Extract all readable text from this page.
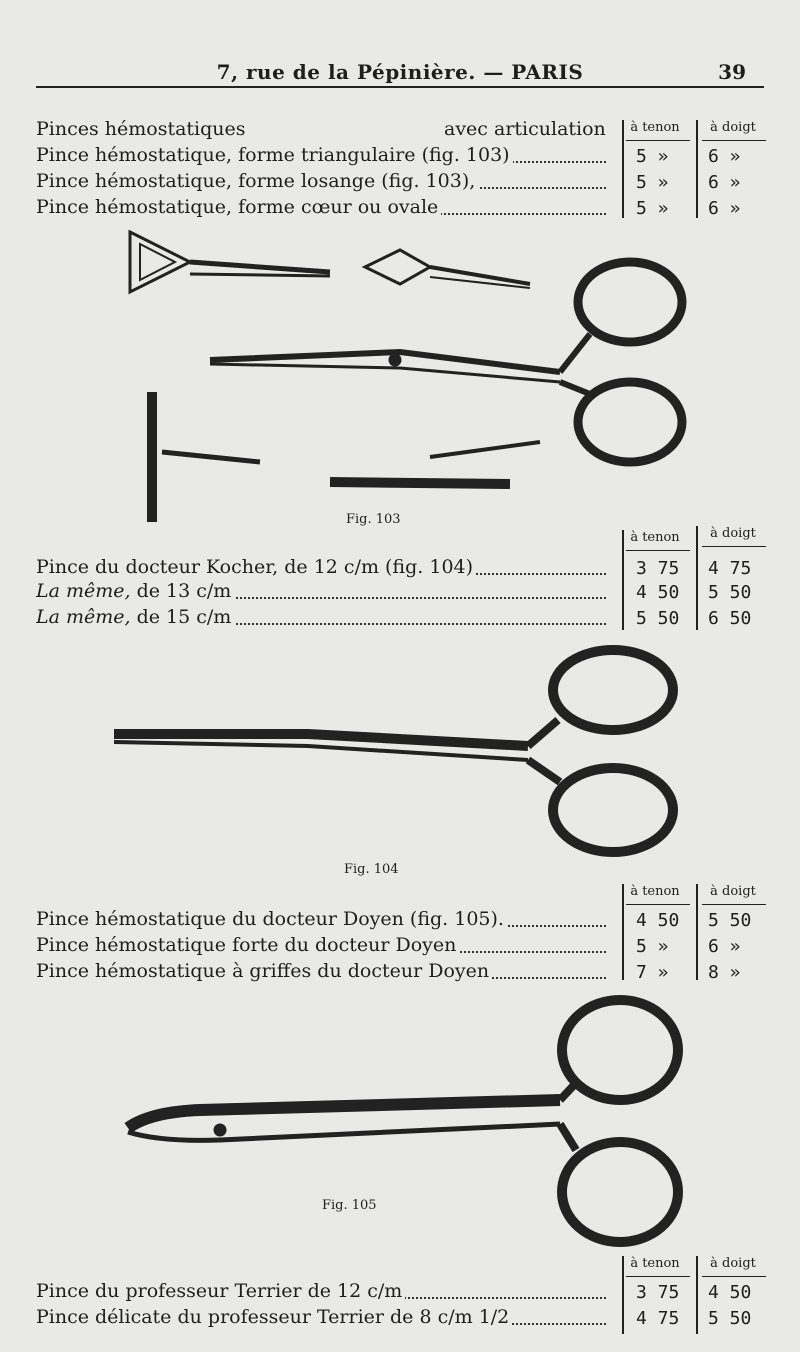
7, rue de la Pépinière. — PARIS	39
Pinces hémostatiques	avec articulation	à tenon	à doigt
Pince hémostatique, forme triangulaire (fig. 103)	5 »	6 »
Pince hémostatique, forme losange (fig. 103),	5 »	6 »
Pince hémostatique, forme cœur ou ovale	5 »	6 »
Fig. 103
à tenon	à doigt
Pince du docteur Kocher, de 12 c/m (fig. 104)	3 75	4 75
La même, de 13 c/m	4 50	5 50
La même, de 15 c/m	5 50	6 50
Fig. 104
à tenon	à doigt
Pince hémostatique du docteur Doyen (fig. 105).	4 50	5 50
Pince hémostatique forte du docteur Doyen	5 »	6 »
Pince hémostatique à griffes du docteur Doyen	7 »	8 »
Fig. 105
à tenon	à doigt
Pince du professeur Terrier de 12 c/m	3 75	4 50
Pince délicate du professeur Terrier de 8 c/m 1/2	4 75	5 50
